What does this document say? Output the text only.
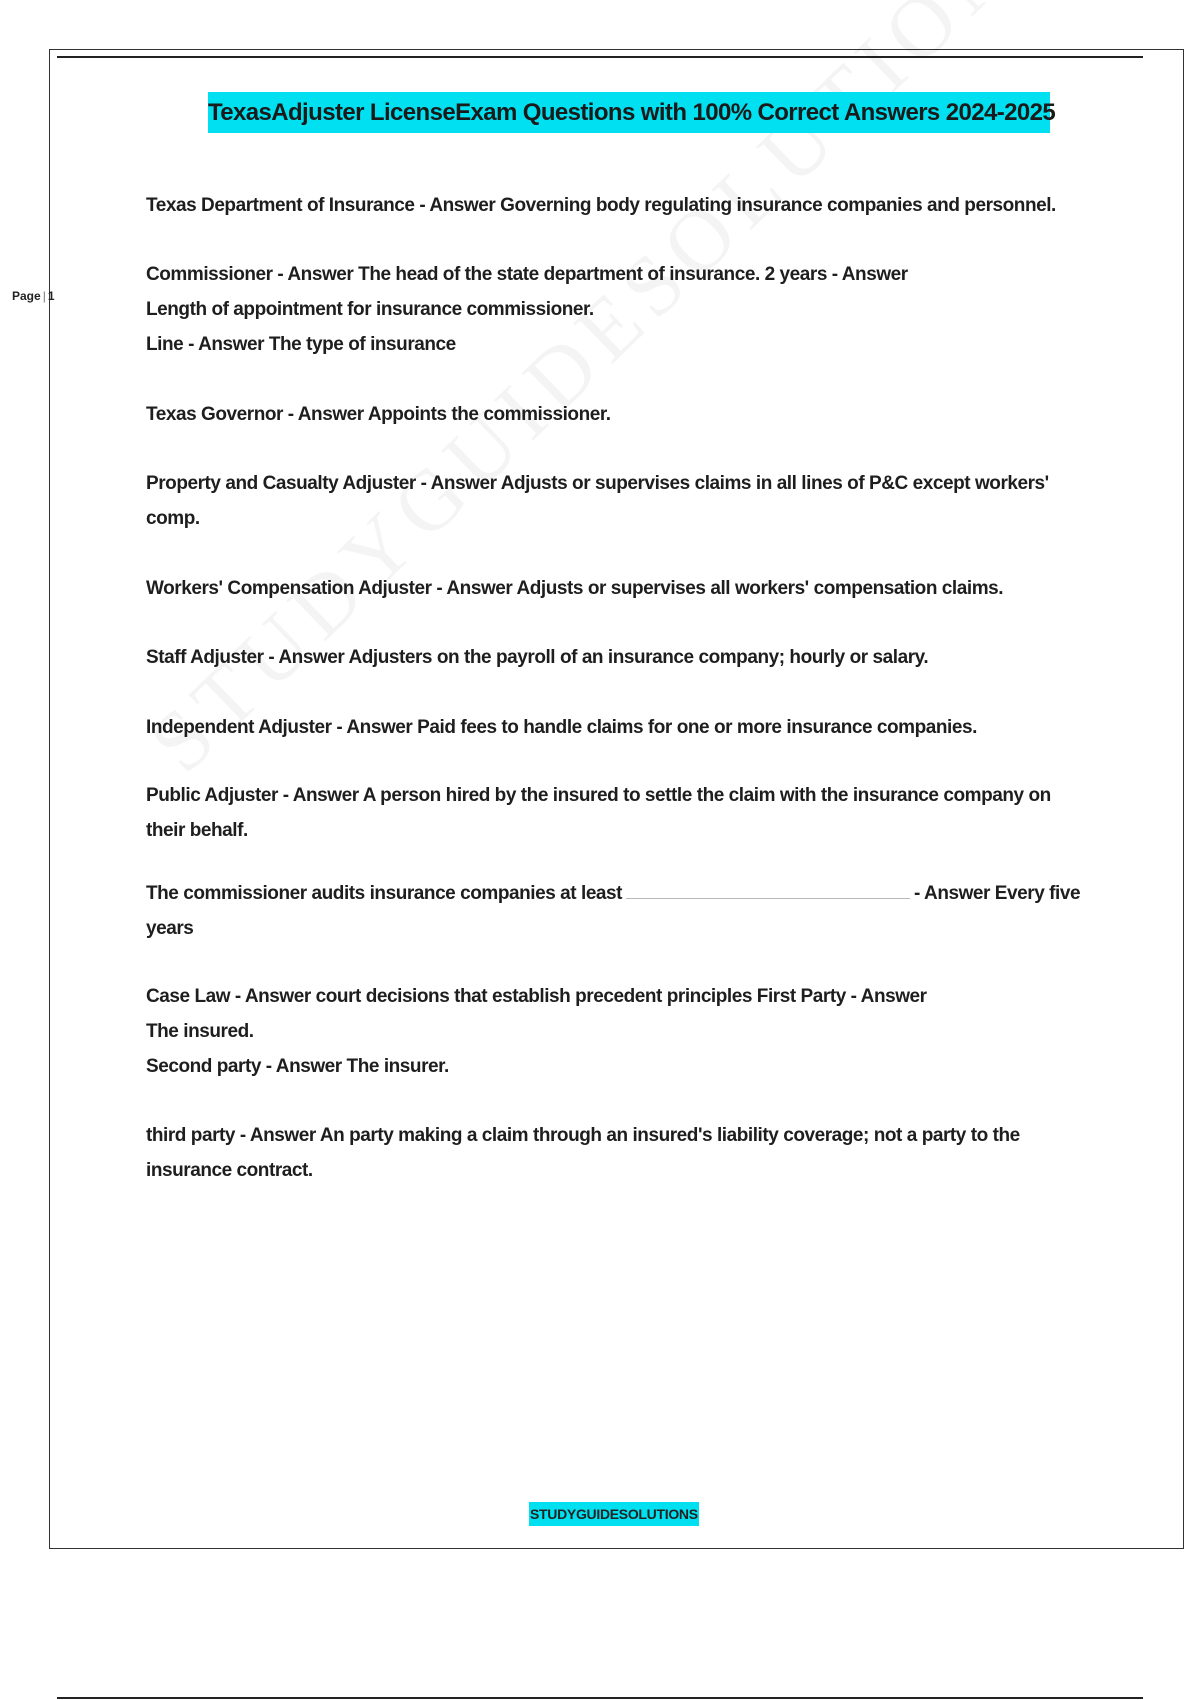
TexasAdjuster LicenseExam Questions with 100% Correct Answers 2024-2025
Page | 1

Texas Department of Insurance - Answer Governing body regulating insurance companies and personnel.

Commissioner - Answer The head of the state department of insurance. 2 years - Answer
Length of appointment for insurance commissioner.
Line - Answer The type of insurance

Texas Governor - Answer Appoints the commissioner.

Property and Casualty Adjuster - Answer Adjusts or supervises claims in all lines of P&C except workers' comp.

Workers' Compensation Adjuster - Answer Adjusts or supervises all workers' compensation claims.

Staff Adjuster - Answer Adjusters on the payroll of an insurance company; hourly or salary.

Independent Adjuster - Answer Paid fees to handle claims for one or more insurance companies.

Public Adjuster - Answer A person hired by the insured to settle the claim with the insurance company on their behalf.

The commissioner audits insurance companies at least	- Answer Every five years

Case Law - Answer court decisions that establish precedent principles First Party - Answer
The insured.
Second party - Answer The insurer.

third party - Answer An party making a claim through an insured's liability coverage; not a party to the insurance contract.

STUDYGUIDESOLUTIONS
